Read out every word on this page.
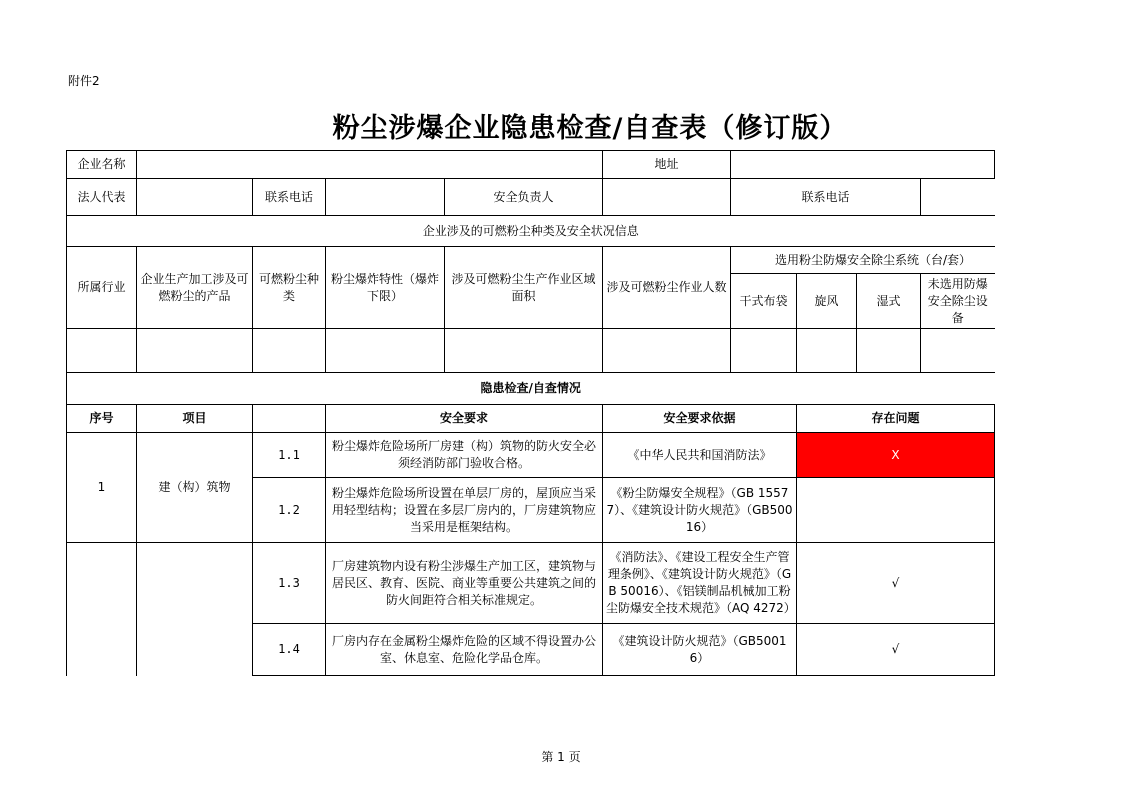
附件2
粉尘涉爆企业隐患检查/自查表（修订版）
企业名称					地址				
法人代表		联系电话		安全负责人		联系电话			
企业涉及的可燃粉尘种类及安全状况信息									
所属行业	企业生产加工涉及可燃粉尘的产品	可燃粉尘种类	粉尘爆炸特性（爆炸下限）	涉及可燃粉尘生产作业区域面积	涉及可燃粉尘作业人数	选用粉尘防爆安全除尘系统（台/套）			
						干式布袋	旋风	湿式	未选用防爆安全除尘设备

隐患检查/自查情况									
序号	项目		安全要求		安全要求依据		存在问题		
1	建（构）筑物	1.1	粉尘爆炸危险场所厂房建（构）筑物的防火安全必须经消防部门验收合格。		《中华人民共和国消防法》		X		
		1.2	粉尘爆炸危险场所设置在单层厂房的，屋顶应当采用轻型结构；设置在多层厂房内的，厂房建筑物应当采用是框架结构。		《粉尘防爆安全规程》（GB 15577）、《建筑设计防火规范》（GB50016）				
		1.3	厂房建筑物内设有粉尘涉爆生产加工区，建筑物与居民区、教育、医院、商业等重要公共建筑之间的防火间距符合相关标准规定。		《消防法》、《建设工程安全生产管理条例》、《建筑设计防火规范》（GB 50016）、《铝镁制品机械加工粉尘防爆安全技术规范》（AQ 4272）		√		
		1.4	厂房内存在金属粉尘爆炸危险的区域不得设置办公室、休息室、危险化学品仓库。		《建筑设计防火规范》（GB50016）		√		
第 1 页
